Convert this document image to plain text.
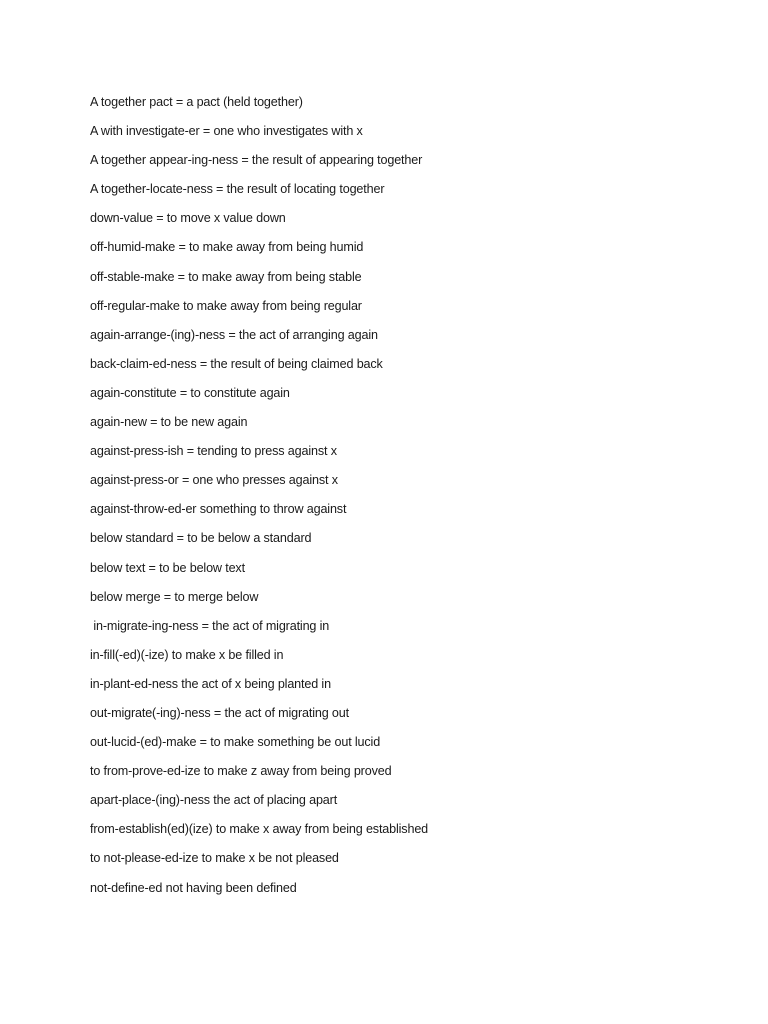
A together pact = a pact (held together)
A with investigate-er = one who investigates with x
A together appear-ing-ness = the result of appearing together
A together-locate-ness = the result of locating together
down-value = to move x value down
off-humid-make = to make away from being humid
off-stable-make = to make away from being stable
off-regular-make to make away from being regular
again-arrange-(ing)-ness = the act of arranging again
back-claim-ed-ness = the result of being claimed back
again-constitute = to constitute again
again-new = to be new again
against-press-ish = tending to press against x
against-press-or = one who presses against x
against-throw-ed-er something to throw against
below standard = to be below a standard
below text = to be below text
below merge = to merge below
in-migrate-ing-ness = the act of migrating in
in-fill(-ed)(-ize) to make x be filled in
in-plant-ed-ness the act of x being planted in
out-migrate(-ing)-ness = the act of migrating out
out-lucid-(ed)-make = to make something be out lucid
to from-prove-ed-ize to make z away from being proved
apart-place-(ing)-ness the act of placing apart
from-establish(ed)(ize) to make x away from being established
to not-please-ed-ize to make x be not pleased
not-define-ed not having been defined
